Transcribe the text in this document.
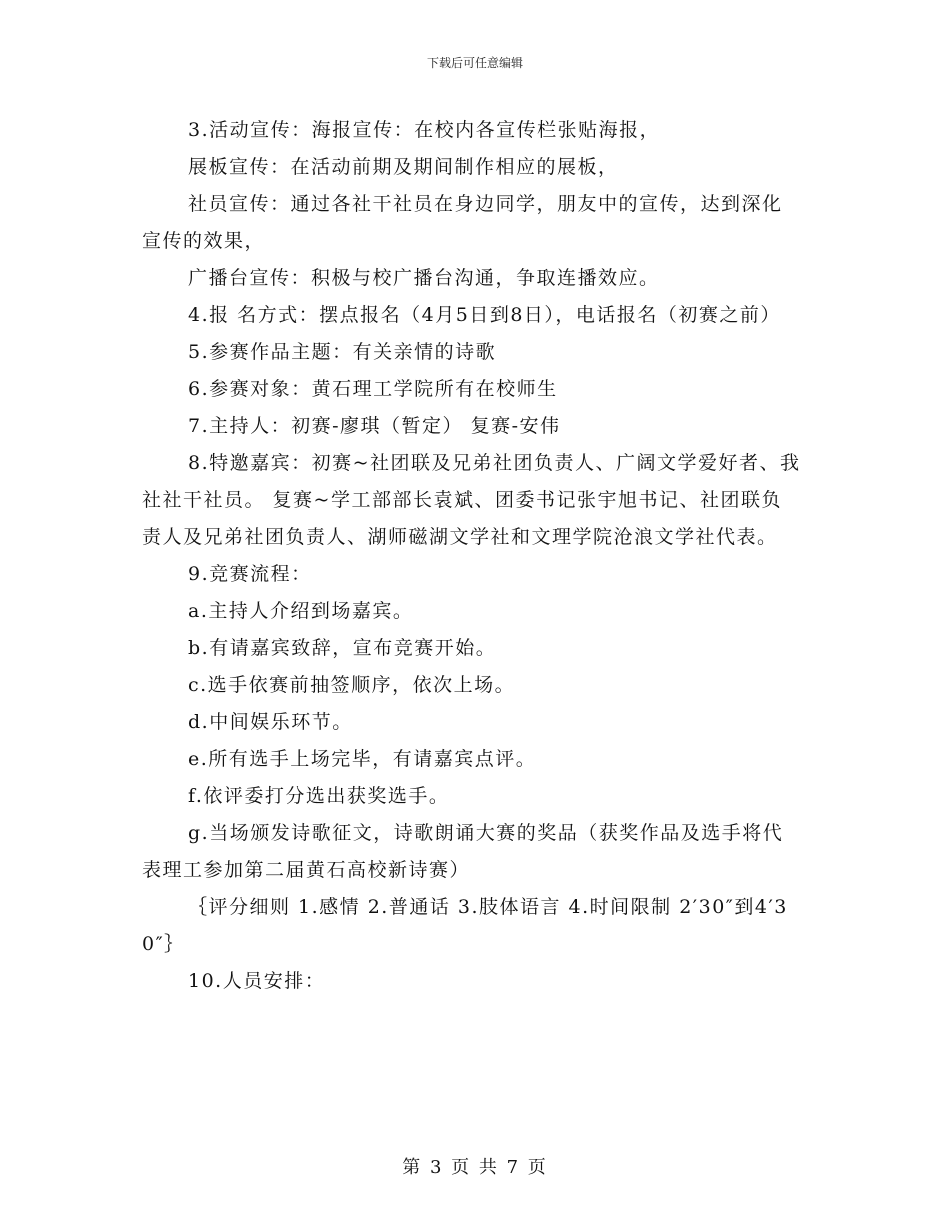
下载后可任意编辑

3.活动宣传：海报宣传：在校内各宣传栏张贴海报，

展板宣传：在活动前期及期间制作相应的展板，

社员宣传：通过各社干社员在身边同学，朋友中的宣传，达到深化宣传的效果，

广播台宣传：积极与校广播台沟通，争取连播效应。

4.报 名方式：摆点报名（4月5日到8日），电话报名（初赛之前）

5.参赛作品主题：有关亲情的诗歌

6.参赛对象：黄石理工学院所有在校师生

7.主持人：初赛-廖琪（暂定） 复赛-安伟

8.特邀嘉宾：初赛~社团联及兄弟社团负责人、广阔文学爱好者、我社社干社员。 复赛~学工部部长袁斌、团委书记张宇旭书记、社团联负责人及兄弟社团负责人、湖师磁湖文学社和文理学院沧浪文学社代表。

9.竞赛流程：

a.主持人介绍到场嘉宾。

b.有请嘉宾致辞，宣布竞赛开始。

c.选手依赛前抽签顺序，依次上场。

d.中间娱乐环节。

e.所有选手上场完毕，有请嘉宾点评。

f.依评委打分选出获奖选手。

g.当场颁发诗歌征文，诗歌朗诵大赛的奖品（获奖作品及选手将代表理工参加第二届黄石高校新诗赛）

｛评分细则 1.感情 2.普通话 3.肢体语言 4.时间限制 2′30″到4′30″｝

10.人员安排：

第 3 页 共 7 页
